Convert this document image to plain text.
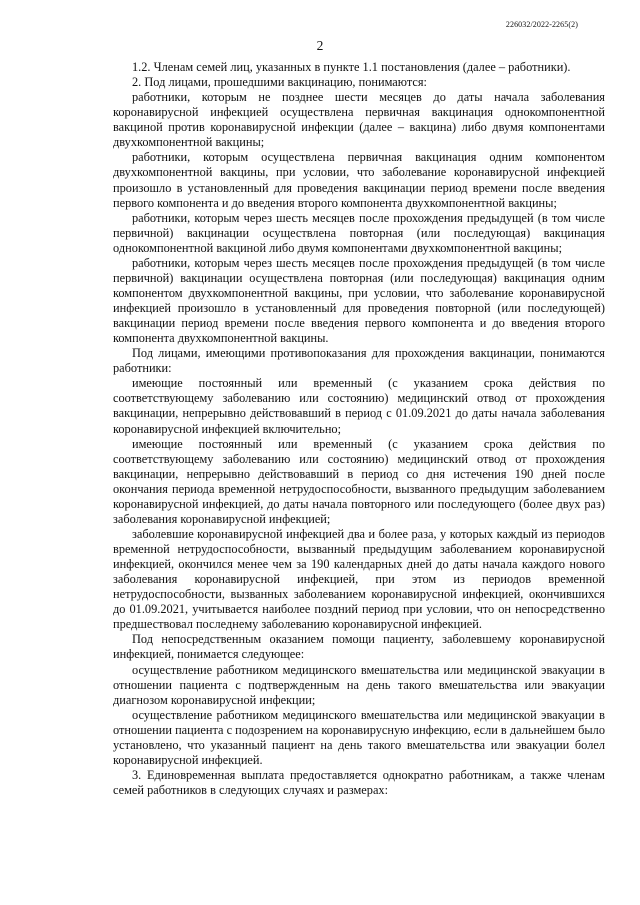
226032/2022-2265(2)
2

1.2. Членам семей лиц, указанных в пункте 1.1 постановления (далее – работники).

2. Под лицами, прошедшими вакцинацию, понимаются:

работники, которым не позднее шести месяцев до даты начала заболевания коронавирусной инфекцией осуществлена первичная вакцинация однокомпонентной вакциной против коронавирусной инфекции (далее – вакцина) либо двумя компонентами двухкомпонентной вакцины;

работники, которым осуществлена первичная вакцинация одним компонентом двухкомпонентной вакцины, при условии, что заболевание коронавирусной инфекцией произошло в установленный для проведения вакцинации период времени после введения первого компонента и до введения второго компонента двухкомпонентной вакцины;

работники, которым через шесть месяцев после прохождения предыдущей (в том числе первичной) вакцинации осуществлена повторная (или последующая) вакцинация однокомпонентной вакциной либо двумя компонентами двухкомпонентной вакцины;

работники, которым через шесть месяцев после прохождения предыдущей (в том числе первичной) вакцинации осуществлена повторная (или последующая) вакцинация одним компонентом двухкомпонентной вакцины, при условии, что заболевание коронавирусной инфекцией произошло в установленный для проведения повторной (или последующей) вакцинации период времени после введения первого компонента и до введения второго компонента двухкомпонентной вакцины.

Под лицами, имеющими противопоказания для прохождения вакцинации, понимаются работники:

имеющие постоянный или временный (с указанием срока действия по соответствующему заболеванию или состоянию) медицинский отвод от прохождения вакцинации, непрерывно действовавший в период с 01.09.2021 до даты начала заболевания коронавирусной инфекцией включительно;

имеющие постоянный или временный (с указанием срока действия по соответствующему заболеванию или состоянию) медицинский отвод от прохождения вакцинации, непрерывно действовавший в период со дня истечения 190 дней после окончания периода временной нетрудоспособности, вызванного предыдущим заболеванием коронавирусной инфекцией, до даты начала повторного или последующего (более двух раз) заболевания коронавирусной инфекцией;

заболевшие коронавирусной инфекцией два и более раза, у которых каждый из периодов временной нетрудоспособности, вызванный предыдущим заболеванием коронавирусной инфекцией, окончился менее чем за 190 календарных дней до даты начала каждого нового заболевания коронавирусной инфекцией, при этом из периодов временной нетрудоспособности, вызванных заболеванием коронавирусной инфекцией, окончившихся до 01.09.2021, учитывается наиболее поздний период при условии, что он непосредственно предшествовал последнему заболеванию коронавирусной инфекцией.

Под непосредственным оказанием помощи пациенту, заболевшему коронавирусной инфекцией, понимается следующее:

осуществление работником медицинского вмешательства или медицинской эвакуации в отношении пациента с подтвержденным на день такого вмешательства или эвакуации диагнозом коронавирусной инфекции;

осуществление работником медицинского вмешательства или медицинской эвакуации в отношении пациента с подозрением на коронавирусную инфекцию, если в дальнейшем было установлено, что указанный пациент на день такого вмешательства или эвакуации болел коронавирусной инфекцией.

3. Единовременная выплата предоставляется однократно работникам, а также членам семей работников в следующих случаях и размерах:
